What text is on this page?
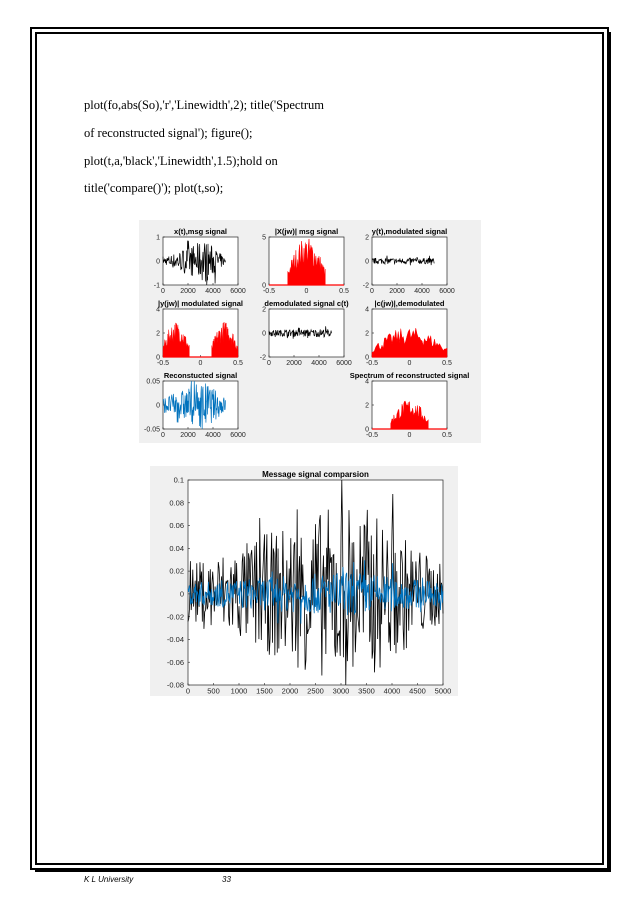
plot(fo,abs(So),'r','Linewidth',2); title('Spectrum
of reconstructed signal'); figure();
plot(t,a,'black','Linewidth',1.5);hold on
title('compare()'); plot(t,so);
0 2000 4000 6000
-1
0
1
x(t),msg signal
-0.5	0	0.5
0
5
|X(jw)| msg signal
0 2000 4000 6000
-2
0
2
y(t),modulated signal
-0.5	0	0.5
0
2
4
|y(jw)| modulated signal
0 2000 4000 6000
-2
0
2
demodulated signal c(t)
-0.5	0	0.5
0
2
4
|c(jw)|,demodulated
0 2000 4000 6000
-0.05
0
0.05
Reconstucted signal
-0.5	0	0.5
0
2
4
Spectrum of reconstructed signal
0 500 1000 1500 2000 2500 3000 3500 4000 4500 5000
-0.08
-0.06
-0.04
-0.02
0
0.02
0.04
0.06
0.08
0.1
Message signal comparsion
K L University	33
